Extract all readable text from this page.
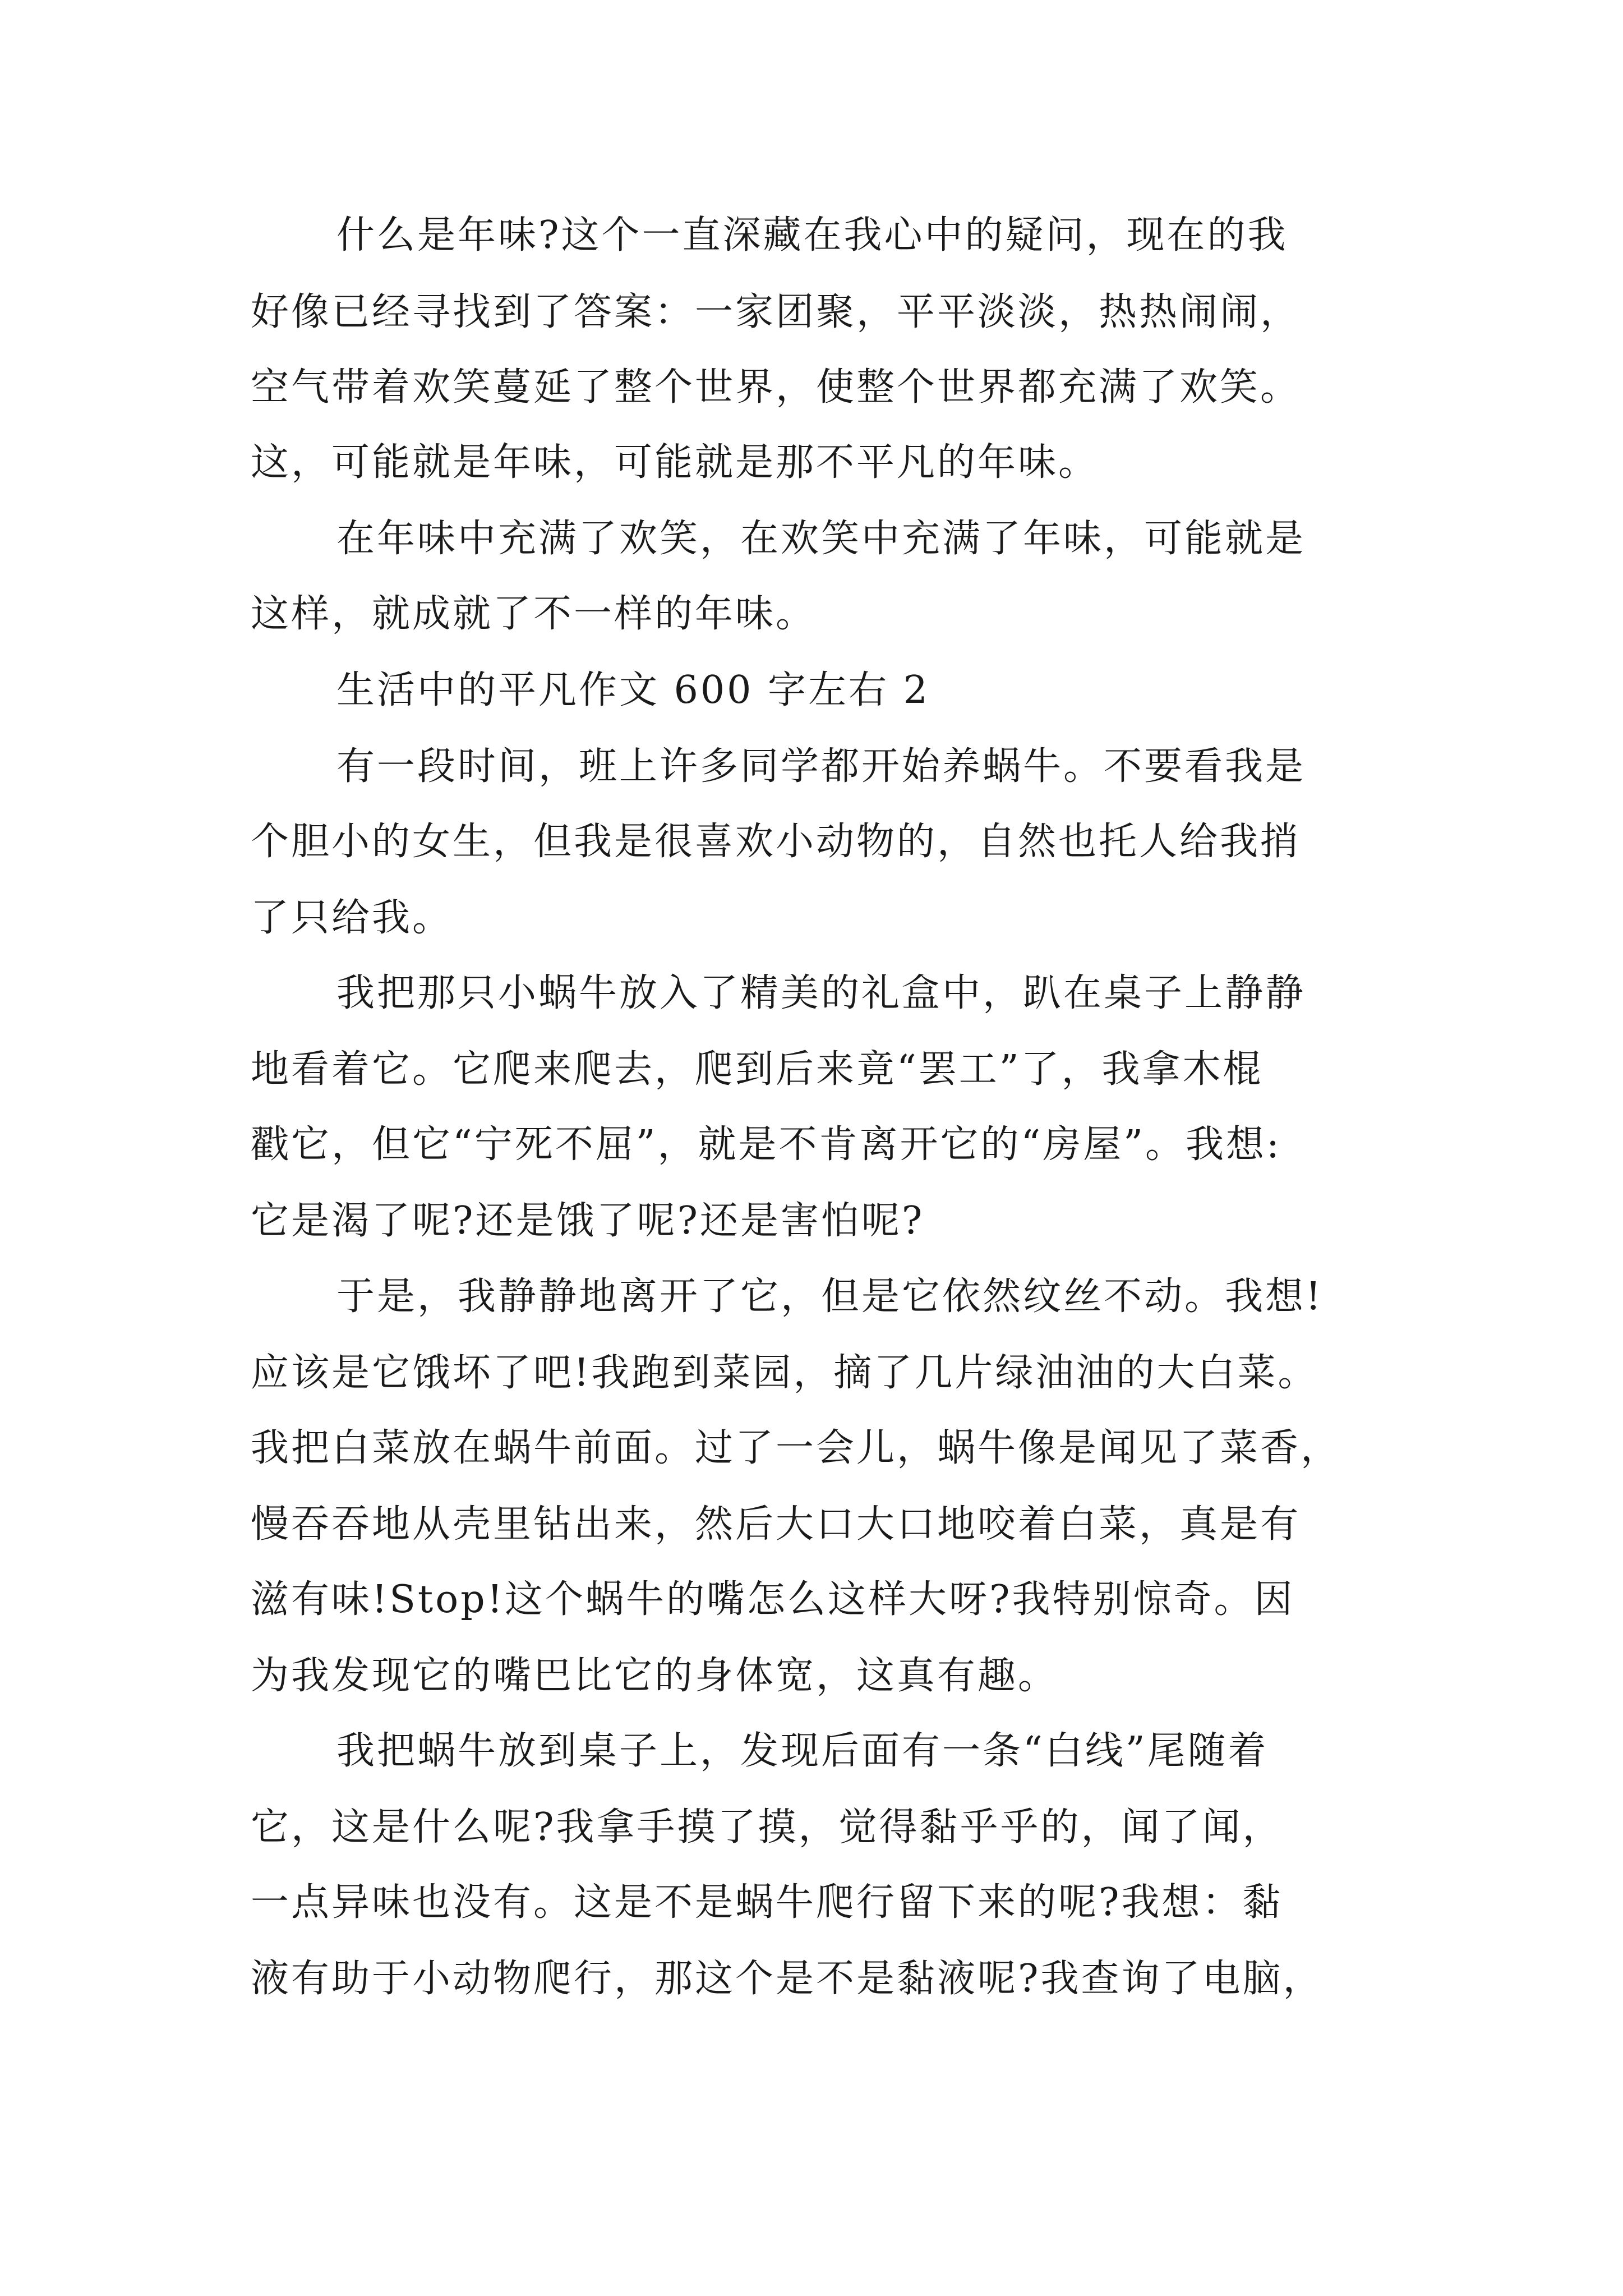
什么是年味?这个一直深藏在我心中的疑问，现在的我

好像已经寻找到了答案：一家团聚，平平淡淡，热热闹闹，

空气带着欢笑蔓延了整个世界，使整个世界都充满了欢笑。

这，可能就是年味，可能就是那不平凡的年味。

在年味中充满了欢笑，在欢笑中充满了年味，可能就是

这样，就成就了不一样的年味。

生活中的平凡作文 600 字左右 2

有一段时间，班上许多同学都开始养蜗牛。不要看我是

个胆小的女生，但我是很喜欢小动物的，自然也托人给我捎

了只给我。

我把那只小蜗牛放入了精美的礼盒中，趴在桌子上静静

地看着它。它爬来爬去，爬到后来竟“罢工”了，我拿木棍

戳它，但它“宁死不屈”，就是不肯离开它的“房屋”。我想:

它是渴了呢?还是饿了呢?还是害怕呢?

于是，我静静地离开了它，但是它依然纹丝不动。我想!

应该是它饿坏了吧!我跑到菜园，摘了几片绿油油的大白菜。

我把白菜放在蜗牛前面。过了一会儿，蜗牛像是闻见了菜香，

慢吞吞地从壳里钻出来，然后大口大口地咬着白菜，真是有

滋有味!Stop!这个蜗牛的嘴怎么这样大呀?我特别惊奇。因

为我发现它的嘴巴比它的身体宽，这真有趣。

我把蜗牛放到桌子上，发现后面有一条“白线”尾随着

它，这是什么呢?我拿手摸了摸，觉得黏乎乎的，闻了闻，

一点异味也没有。这是不是蜗牛爬行留下来的呢?我想：黏

液有助于小动物爬行，那这个是不是黏液呢?我查询了电脑，
